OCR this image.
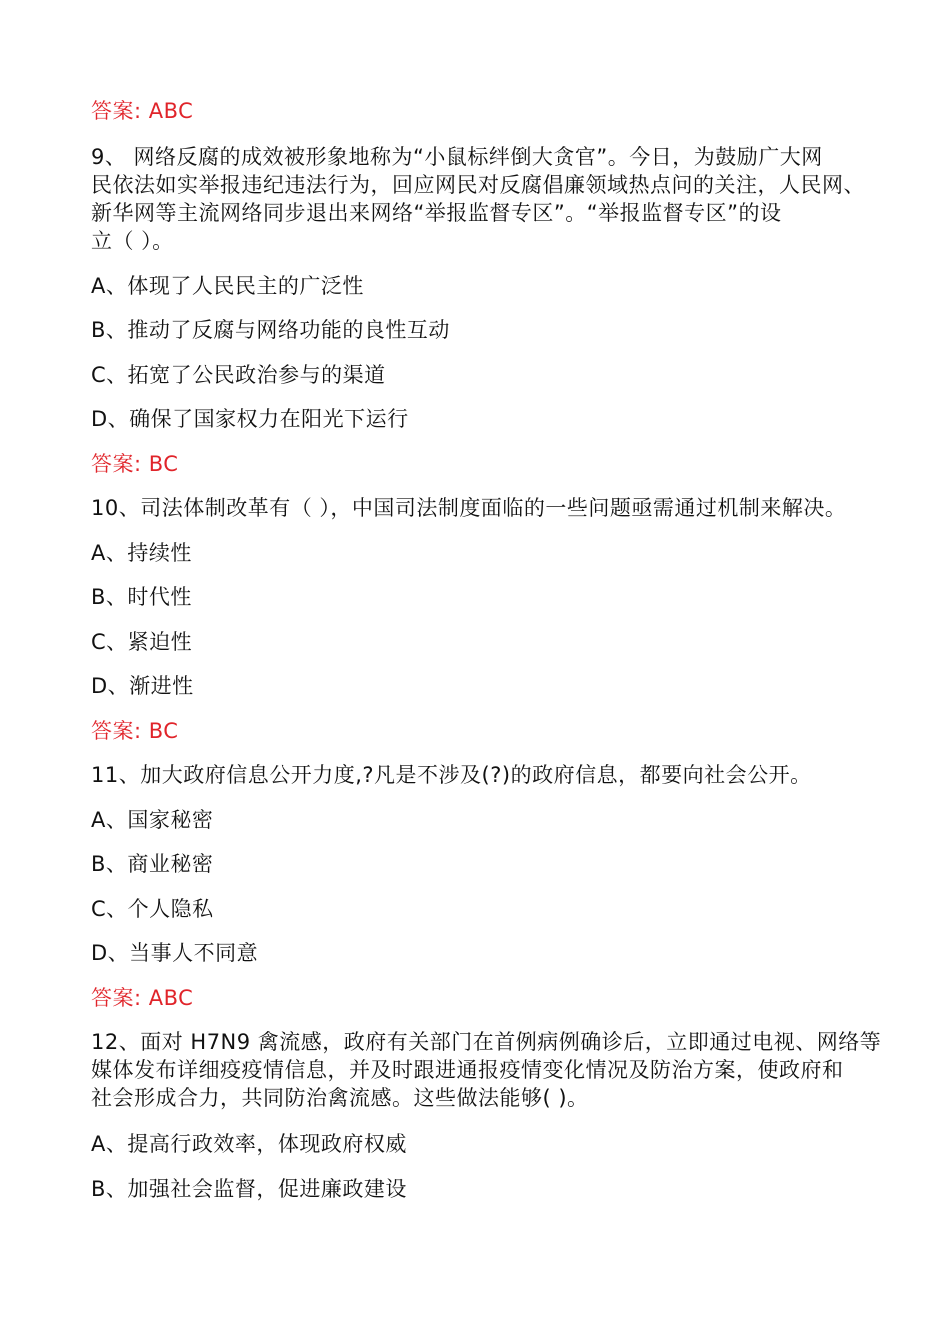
答案: ABC
9、 网络反腐的成效被形象地称为“小鼠标绊倒大贪官”。今日，为鼓励广大网
民依法如实举报违纪违法行为，回应网民对反腐倡廉领域热点问的关注，人民网、
新华网等主流网络同步退出来网络“举报监督专区”。“举报监督专区”的设
立（ ）。
A、体现了人民民主的广泛性
B、推动了反腐与网络功能的良性互动
C、拓宽了公民政治参与的渠道
D、确保了国家权力在阳光下运行
答案: BC
10、司法体制改革有（ ），中国司法制度面临的一些问题亟需通过机制来解决。
A、持续性
B、时代性
C、紧迫性
D、渐进性
答案: BC
11、加大政府信息公开力度,?凡是不涉及(?)的政府信息，都要向社会公开。
A、国家秘密
B、商业秘密
C、个人隐私
D、当事人不同意
答案: ABC
12、面对 H7N9 禽流感，政府有关部门在首例病例确诊后，立即通过电视、网络等
媒体发布详细疫疫情信息，并及时跟进通报疫情变化情况及防治方案，使政府和
社会形成合力，共同防治禽流感。这些做法能够( )。
A、提高行政效率，体现政府权威
B、加强社会监督，促进廉政建设
